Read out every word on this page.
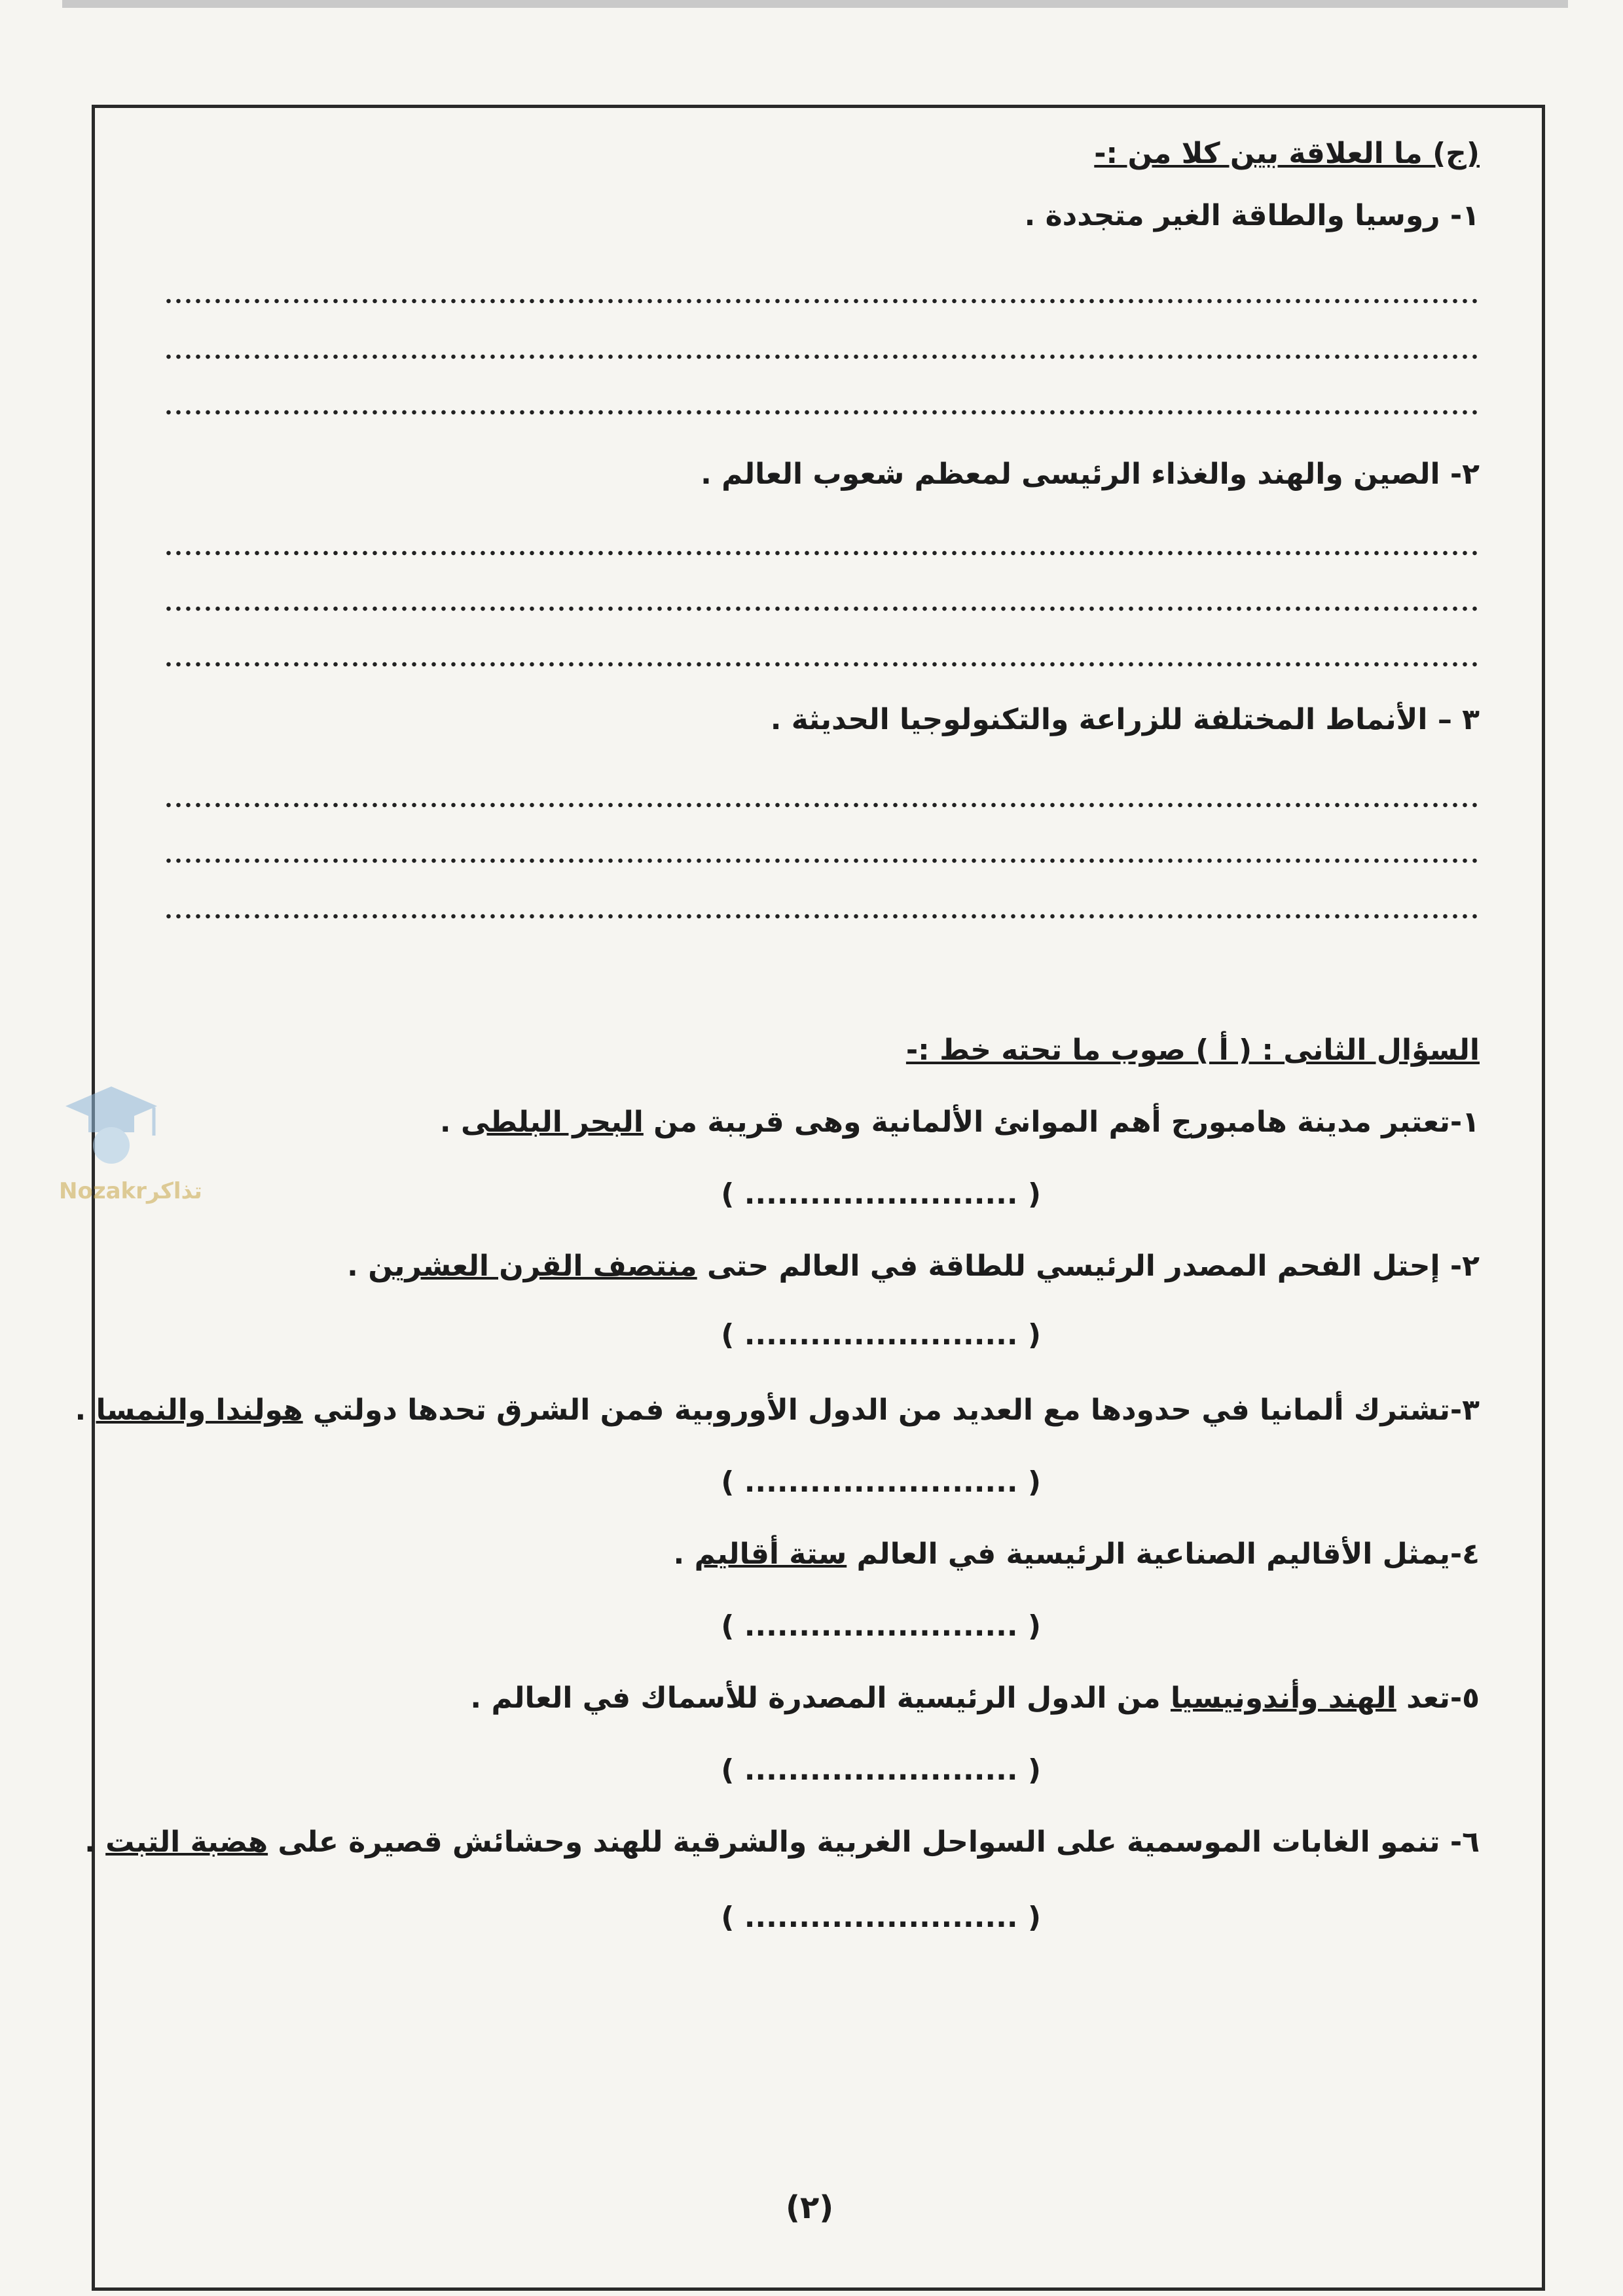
Nozakrتذاكر
(ج) ما العلاقة بين كلا من :-
١- روسيا والطاقة الغير متجددة .
٢- الصين والهند والغذاء الرئيسى لمعظم شعوب العالم .
٣ – الأنماط المختلفة للزراعة والتكنولوجيا الحديثة .
السؤال الثانى : ( أ ) صوب ما تحته خط :-
١-تعتبر مدينة هامبورج أهم الموانئ الألمانية وهى قريبة من البحر البلطى .
( ......................... )
٢- إحتل الفحم المصدر الرئيسي للطاقة في العالم حتى منتصف القرن العشرين .
( ......................... )
٣-تشترك ألمانيا في حدودها مع العديد من الدول الأوروبية فمن الشرق تحدها دولتي هولندا والنمسا .
( ......................... )
٤-يمثل الأقاليم الصناعية الرئيسية في العالم ستة أقاليم .
( ......................... )
٥-تعد الهند وأندونيسيا من الدول الرئيسية المصدرة للأسماك في العالم .
( ......................... )
٦- تنمو الغابات الموسمية على السواحل الغربية والشرقية للهند وحشائش قصيرة على هضبة التبت .
( ......................... )
(٢)
